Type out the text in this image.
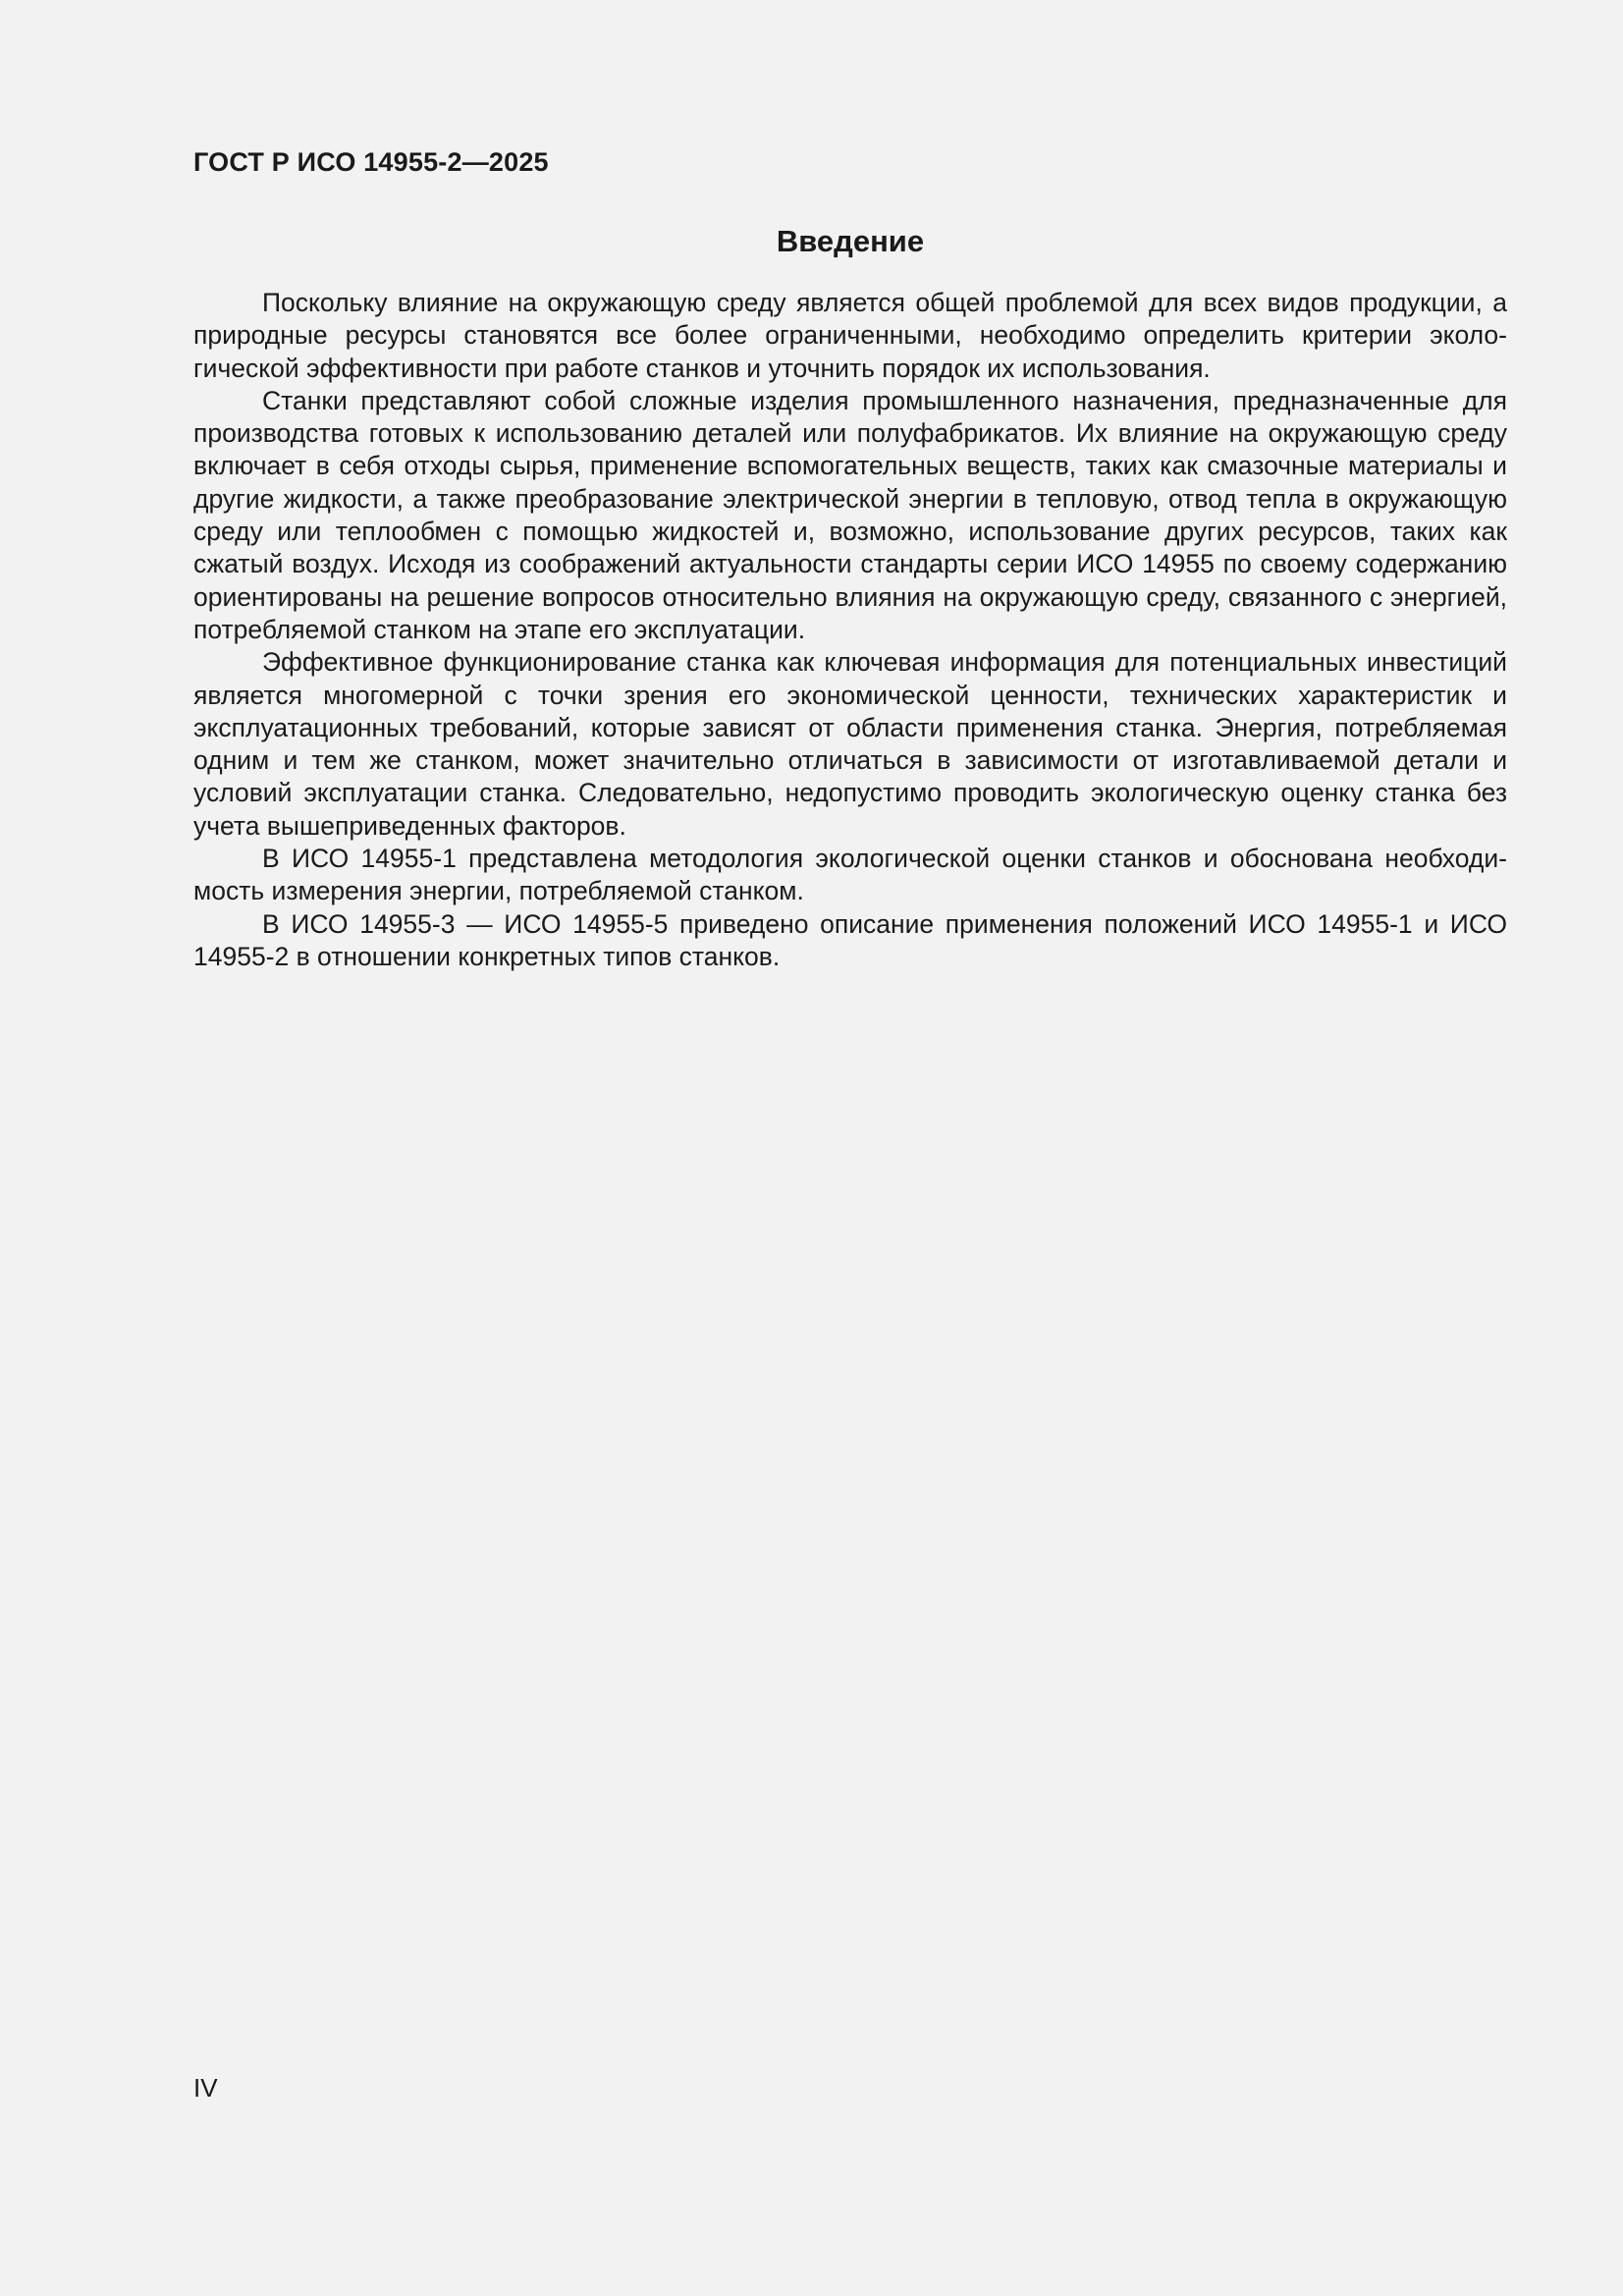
ГОСТ Р ИСО 14955-2—2025
Введение

Поскольку влияние на окружающую среду является общей проблемой для всех видов продукции, а природные ресурсы становятся все более ограниченными, необходимо определить критерии экологической эффективности при работе станков и уточнить порядок их использования.

Станки представляют собой сложные изделия промышленного назначения, предназначенные для производства готовых к использованию деталей или полуфабрикатов. Их влияние на окружающую среду включает в себя отходы сырья, применение вспомогательных веществ, таких как смазочные материалы и другие жидкости, а также преобразование электрической энергии в тепловую, отвод тепла в окружающую среду или теплообмен с помощью жидкостей и, возможно, использование других ресурсов, таких как сжатый воздух. Исходя из соображений актуальности стандарты серии ИСО 14955 по своему содержанию ориентированы на решение вопросов относительно влияния на окружающую среду, связанного с энергией, потребляемой станком на этапе его эксплуатации.

Эффективное функционирование станка как ключевая информация для потенциальных инвестиций является многомерной с точки зрения его экономической ценности, технических характеристик и эксплуатационных требований, которые зависят от области применения станка. Энергия, потребляемая одним и тем же станком, может значительно отличаться в зависимости от изготавливаемой детали и условий эксплуатации станка. Следовательно, недопустимо проводить экологическую оценку станка без учета вышеприведенных факторов.

В ИСО 14955-1 представлена методология экологической оценки станков и обоснована необходимость измерения энергии, потребляемой станком.

В ИСО 14955-3 — ИСО 14955-5 приведено описание применения положений ИСО 14955-1 и ИСО 14955-2 в отношении конкретных типов станков.

IV
